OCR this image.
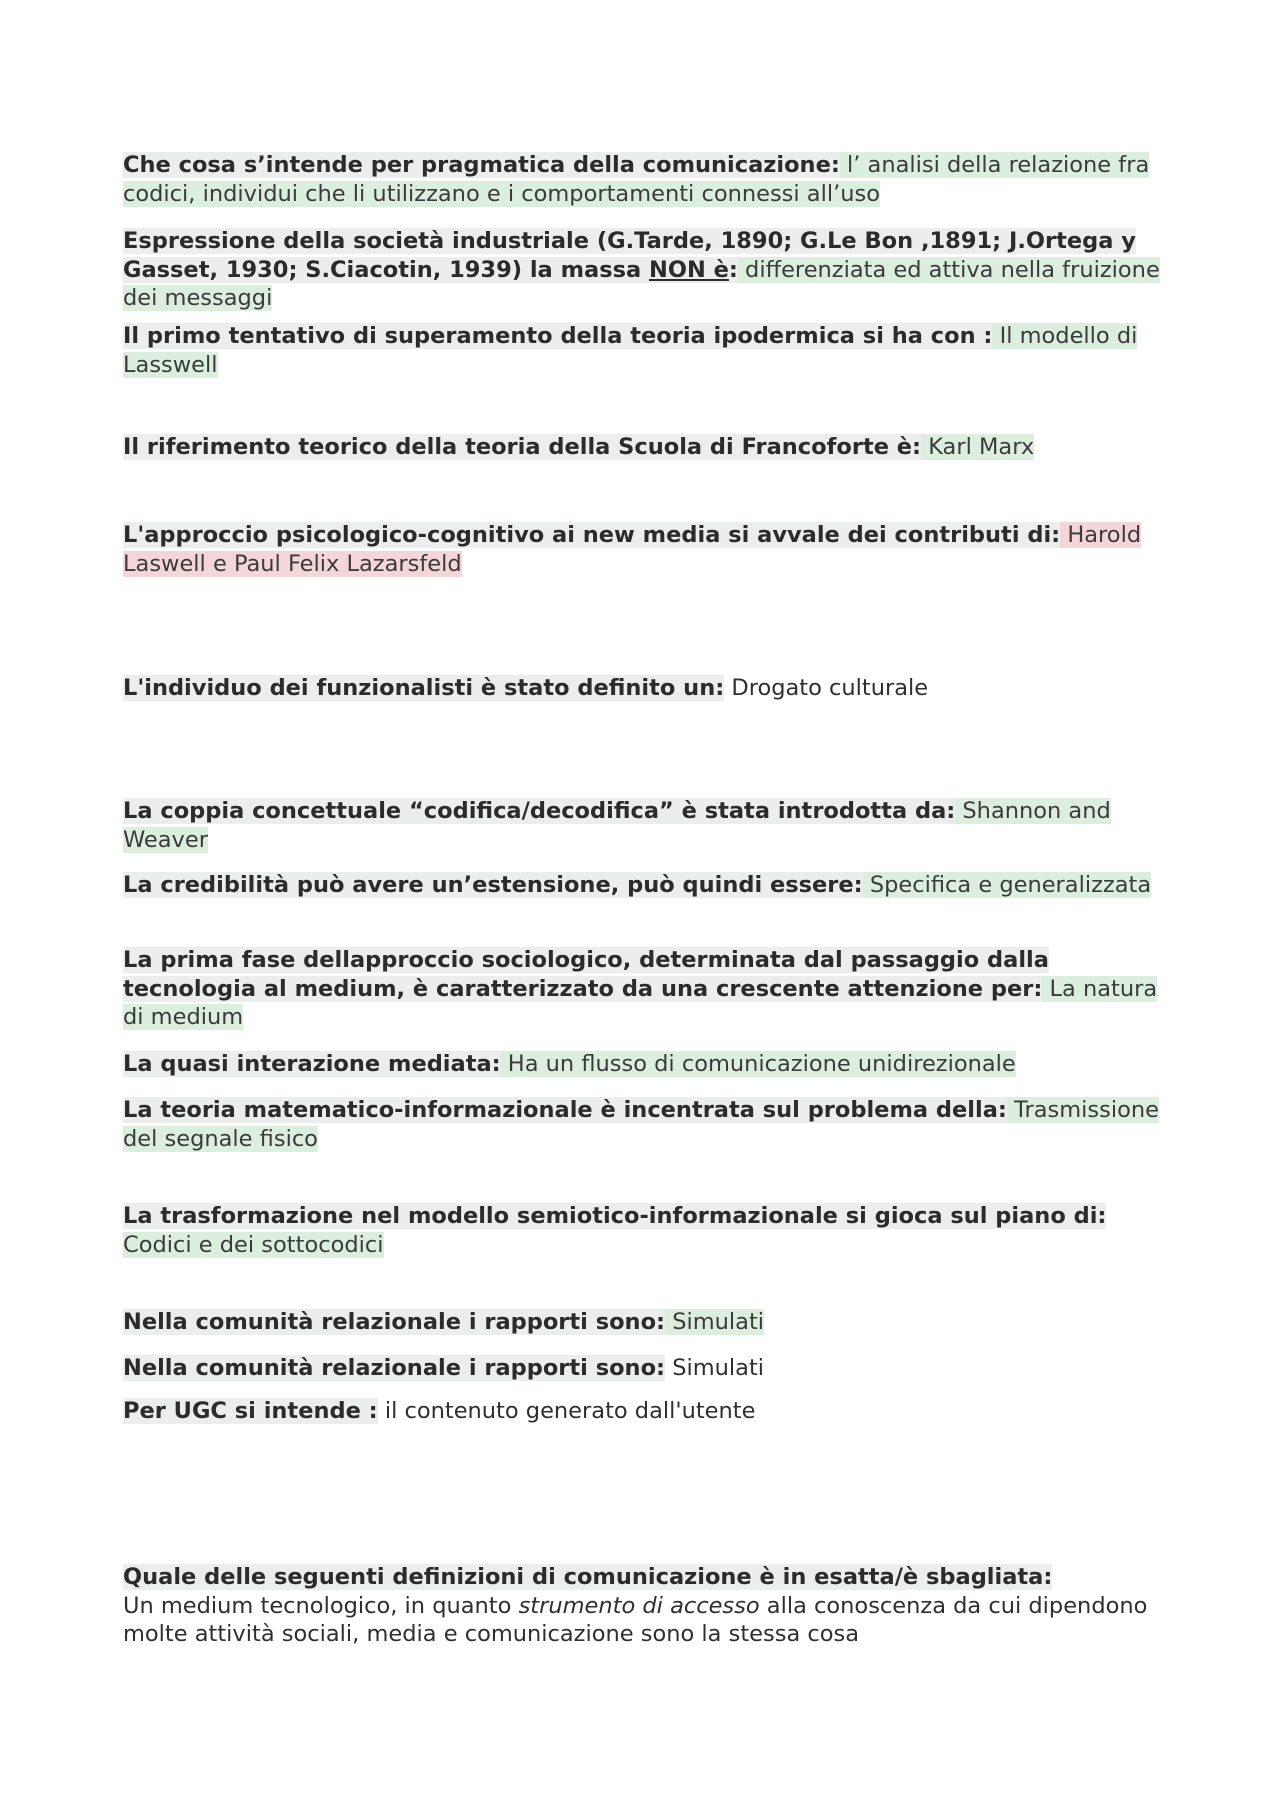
Che cosa s’intende per pragmatica della comunicazione: l’ analisi della relazione fra codici, individui che li utilizzano e i comportamenti connessi all’uso
Espressione della società industriale (G.Tarde, 1890; G.Le Bon ,1891; J.Ortega y Gasset, 1930; S.Ciacotin, 1939) la massa NON è: differenziata ed attiva nella fruizione dei messaggi
Il primo tentativo di superamento della teoria ipodermica si ha con : Il modello di Lasswell
Il riferimento teorico della teoria della Scuola di Francoforte è: Karl Marx
L'approccio psicologico-cognitivo ai new media si avvale dei contributi di: Harold Laswell e Paul Felix Lazarsfeld
L'individuo dei funzionalisti è stato definito un: Drogato culturale
La coppia concettuale “codifica/decodifica” è stata introdotta da: Shannon and Weaver
La credibilità può avere un’estensione, può quindi essere: Specifica e generalizzata
La prima fase dellapproccio sociologico, determinata dal passaggio dalla tecnologia al medium, è caratterizzato da una crescente attenzione per: La natura di medium
La quasi interazione mediata: Ha un flusso di comunicazione unidirezionale
La teoria matematico-informazionale è incentrata sul problema della: Trasmissione del segnale fisico
La trasformazione nel modello semiotico-informazionale si gioca sul piano di: Codici e dei sottocodici
Nella comunità relazionale i rapporti sono: Simulati
Nella comunità relazionale i rapporti sono: Simulati
Per UGC si intende : il contenuto generato dall'utente
Quale delle seguenti definizioni di comunicazione è in esatta/è sbagliata:
Un medium tecnologico, in quanto strumento di accesso alla conoscenza da cui dipendono molte attività sociali, media e comunicazione sono la stessa cosa
